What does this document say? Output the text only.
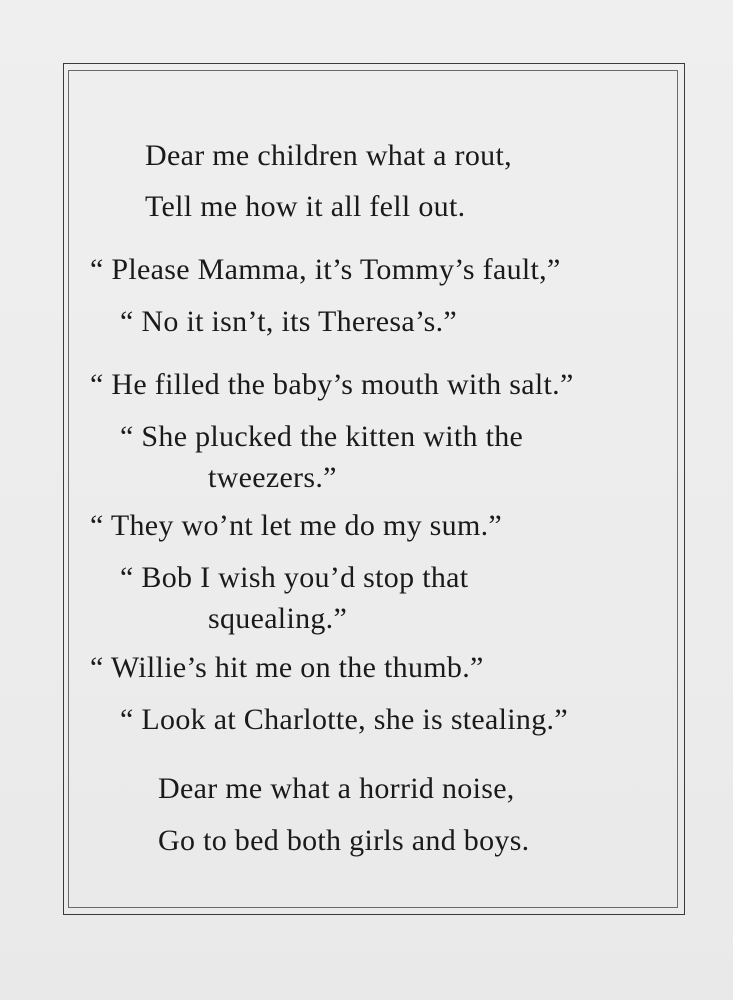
Dear me children what a rout,
Tell me how it all fell out.
“ Please Mamma, it’s Tommy’s fault,”
“ No it isn’t, its Theresa’s.”
“ He filled the baby’s mouth with salt.”
“ She plucked the kitten with the
tweezers.”
“ They wo’nt let me do my sum.”
“ Bob I wish you’d stop that
squealing.”
“ Willie’s hit me on the thumb.”
“ Look at Charlotte, she is stealing.”
Dear me what a horrid noise,
Go to bed both girls and boys.
